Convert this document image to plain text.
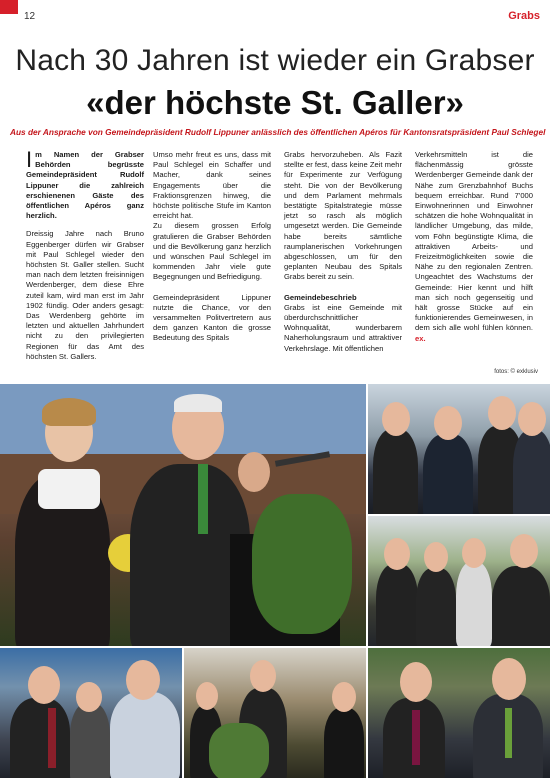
12	Grabs
Nach 30 Jahren ist wieder ein Grabser
«der höchste St. Galler»
Aus der Ansprache von Gemeindepräsident Rudolf Lippuner anlässlich des öffentlichen Apéros für Kantonsratspräsident Paul Schlegel

Im Namen der Grabser Behörden begrüsste Gemeindepräsident Rudolf Lippuner die zahlreich erschienenen Gäste des öffentlichen Apéros ganz herzlich.

Dreissig Jahre nach Bruno Eggenberger dürfen wir Grabser mit Paul Schlegel wieder den höchsten St. Galler stellen. Sucht man nach dem letzten freisinnigen Werdenberger, dem diese Ehre zuteil kam, wird man erst im Jahr 1902 fündig. Oder anders gesagt: Das Werdenberg gehörte im letzten und aktuellen Jahrhundert nicht zu den privilegierten Regionen für das Amt des höchsten St. Gallers.

Umso mehr freut es uns, dass mit Paul Schlegel ein Schaffer und Macher, dank seines Engagements über die Fraktionsgrenzen hinweg, die höchste politische Stufe im Kanton erreicht hat.

Zu diesem grossen Erfolg gratulieren die Grabser Behörden und die Bevölkerung ganz herzlich und wünschen Paul Schlegel im kommenden Jahr viele gute Begegnungen und Befriedigung.

Gemeindepräsident Lippuner nutzte die Chance, vor den versammelten Politvertretern aus dem ganzen Kanton die grosse Bedeutung des Spitals

Grabs hervorzuheben. Als Fazit stellte er fest, dass keine Zeit mehr für Experimente zur Verfügung steht. Die von der Bevölkerung und dem Parlament mehrmals bestätigte Spitalstrategie müsse jetzt so rasch als möglich umgesetzt werden. Die Gemeinde habe bereits sämtliche raumplanerischen Vorkehrungen abgeschlossen, um für den geplanten Neubau des Spitals Grabs bereit zu sein.

Gemeindebeschrieb

Grabs ist eine Gemeinde mit überdurchschnittlicher Wohnqualität, wunderbarem Naherholungsraum und attraktiver Verkehrslage. Mit öffentlichen

Verkehrsmitteln ist die flächenmässig grösste Werdenberger Gemeinde dank der Nähe zum Grenzbahnhof Buchs bequem erreichbar. Rund 7'000 Einwohnerinnen und Einwohner schätzen die hohe Wohnqualität in ländlicher Umgebung, das milde, vom Föhn begünstigte Klima, die attraktiven Arbeits- und Freizeitmöglichkeiten sowie die Nähe zu den regionalen Zentren. Ungeachtet des Wachstums der Gemeinde: Hier kennt und hilft man sich noch gegenseitig und hält grosse Stücke auf ein funktionierendes Gemeinwesen, in dem sich alle wohl fühlen können. ex.

fotos: © exklusiv
